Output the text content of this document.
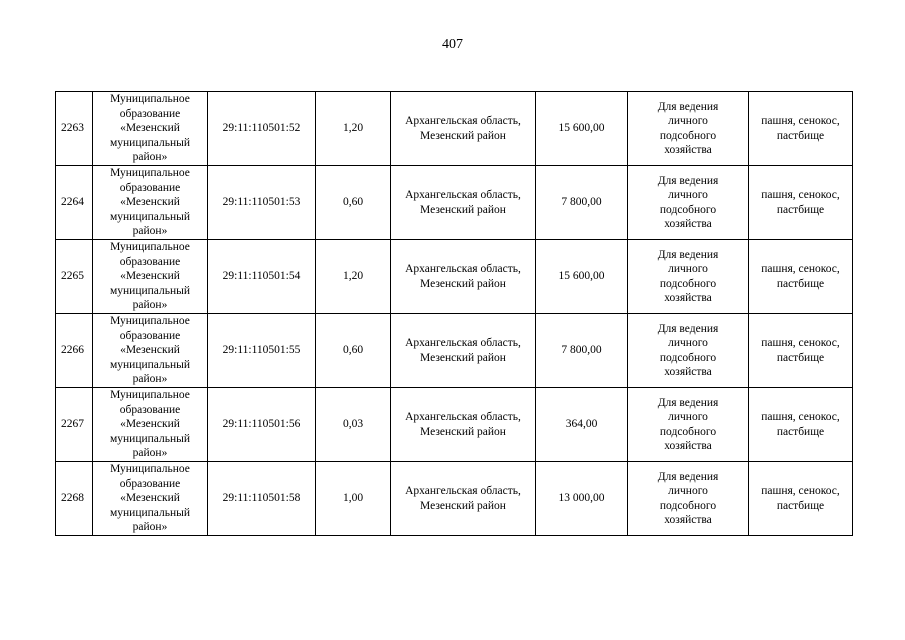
407
2263	Муниципальное
образование
«Мезенский
муниципальный
район»	29:11:110501:52	1,20	Архангельская область,
Мезенский район	15 600,00	Для ведения
личного
подсобного
хозяйства	пашня, сенокос,
пастбище

2264	Муниципальное
образование
«Мезенский
муниципальный
район»	29:11:110501:53	0,60	Архангельская область,
Мезенский район	7 800,00	Для ведения
личного
подсобного
хозяйства	пашня, сенокос,
пастбище

2265	Муниципальное
образование
«Мезенский
муниципальный
район»	29:11:110501:54	1,20	Архангельская область,
Мезенский район	15 600,00	Для ведения
личного
подсобного
хозяйства	пашня, сенокос,
пастбище

2266	Муниципальное
образование
«Мезенский
муниципальный
район»	29:11:110501:55	0,60	Архангельская область,
Мезенский район	7 800,00	Для ведения
личного
подсобного
хозяйства	пашня, сенокос,
пастбище

2267	Муниципальное
образование
«Мезенский
муниципальный
район»	29:11:110501:56	0,03	Архангельская область,
Мезенский район	364,00	Для ведения
личного
подсобного
хозяйства	пашня, сенокос,
пастбище

2268	Муниципальное
образование
«Мезенский
муниципальный
район»	29:11:110501:58	1,00	Архангельская область,
Мезенский район	13 000,00	Для ведения
личного
подсобного
хозяйства	пашня, сенокос,
пастбище
